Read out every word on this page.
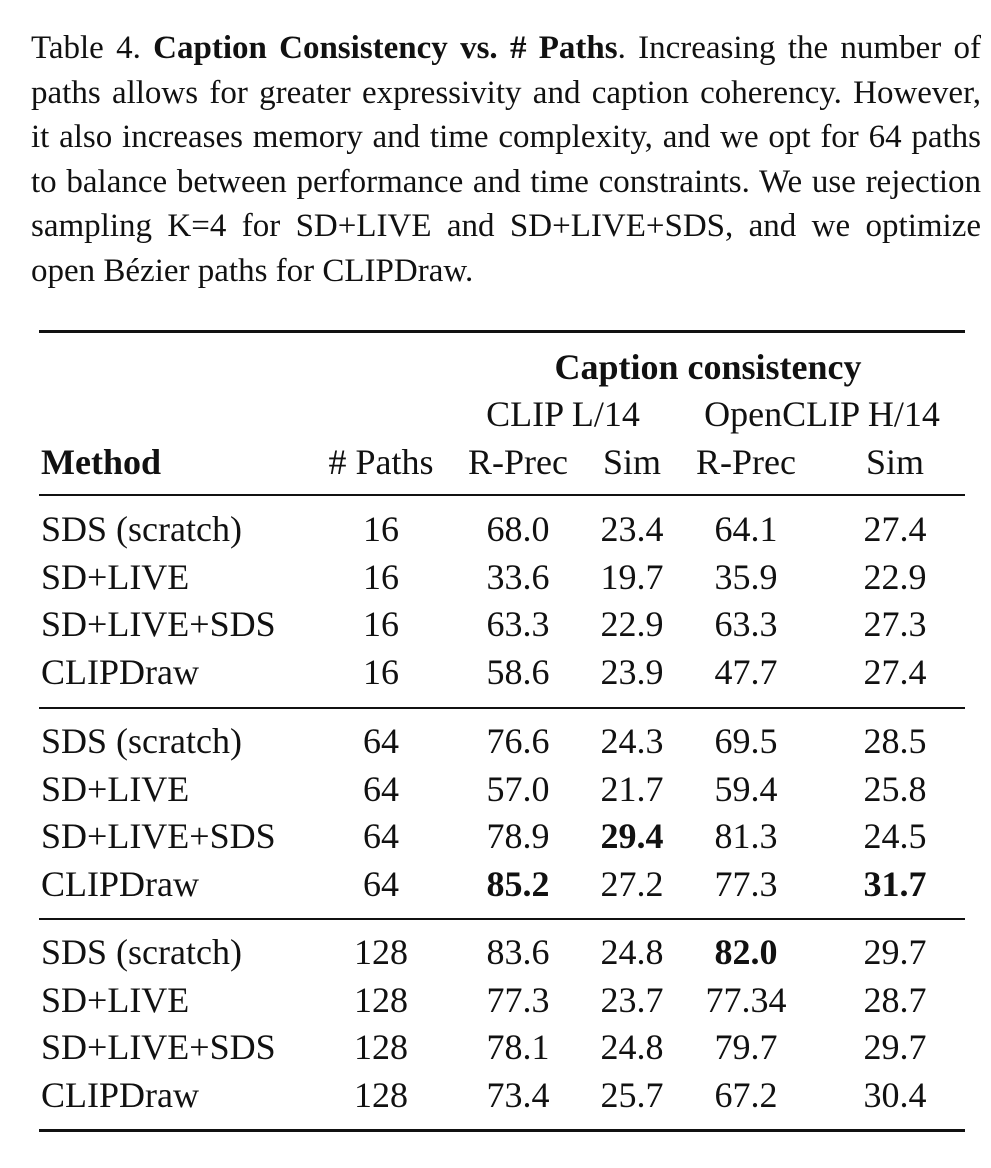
Table 4. Caption Consistency vs. # Paths. Increasing the number of paths allows for greater expressivity and caption coherency. However, it also increases memory and time complexity, and we opt for 64 paths to balance between performance and time constraints. We use rejection sampling K=4 for SD+LIVE and SD+LIVE+SDS, and we optimize open Bézier paths for CLIPDraw.
Caption consistency
CLIP L/14 OpenCLIP H/14
Method	# Paths R-Prec Sim R-Prec Sim
SDS (scratch)	16 68.0 23.4 64.1 27.4
SD+LIVE	16 33.6 19.7 35.9 22.9
SD+LIVE+SDS 16 63.3 22.9 63.3 27.3
CLIPDraw	16 58.6 23.9 47.7 27.4
SDS (scratch)	64 76.6 24.3 69.5 28.5
SD+LIVE	64 57.0 21.7 59.4 25.8
SD+LIVE+SDS 64 78.9 29.4 81.3 24.5
CLIPDraw	64 85.2 27.2 77.3 31.7
SDS (scratch)	128 83.6 24.8 82.0 29.7
SD+LIVE	128 77.3 23.7 77.34 28.7
SD+LIVE+SDS 128 78.1 24.8 79.7 29.7
CLIPDraw	128 73.4 25.7 67.2 30.4
